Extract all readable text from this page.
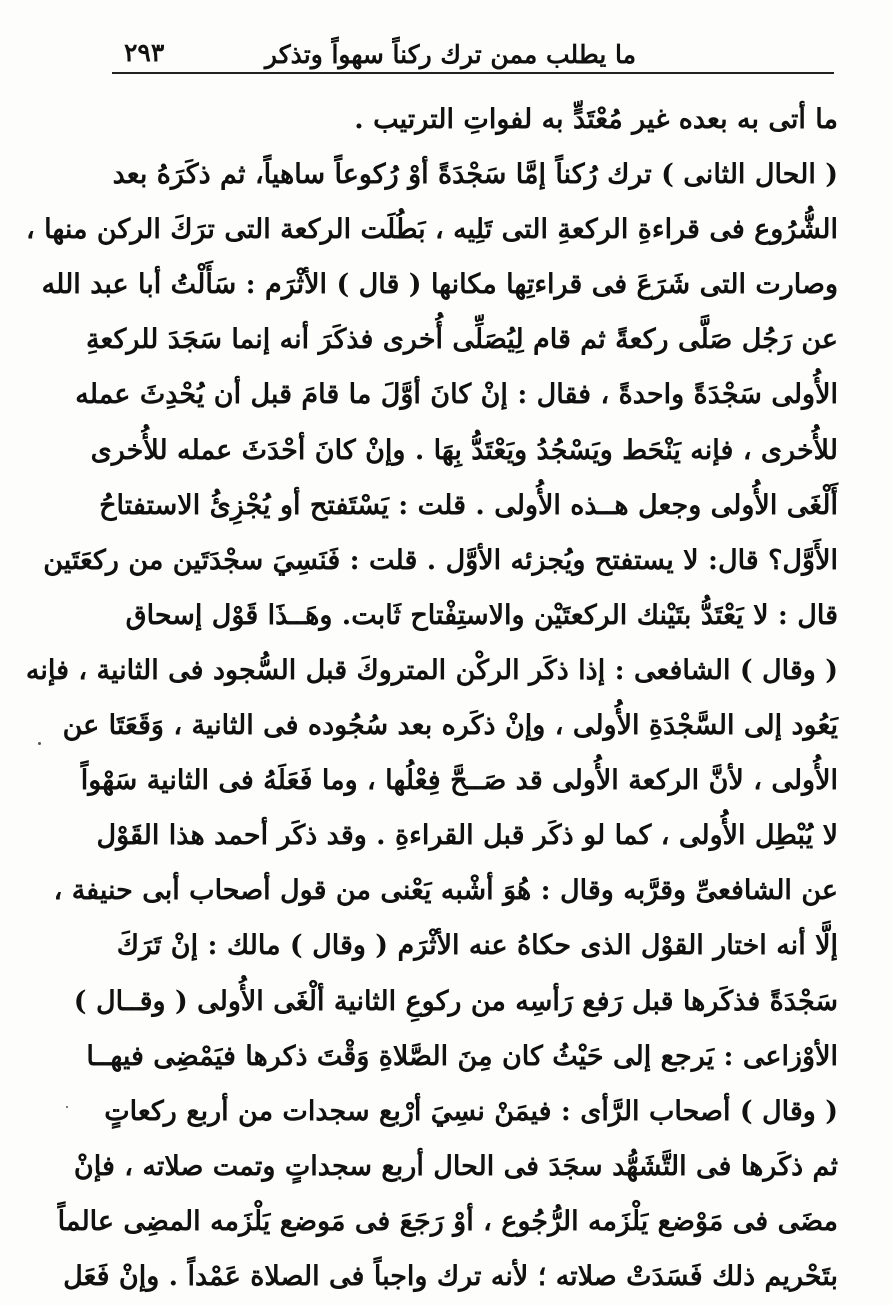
ما يطلب ممن ترك ركناً سهواً وتذكر
٢٩٣
ما أتى به بعده غير مُعْتَدٍّ به لفواتِ الترتيب .
( الحال الثانى ) ترك رُكناً إمَّا سَجْدَةً أوْ رُكوعاً ساهياً، ثم ذكَرَهُ بعد
الشُّرُوع فى قراءةِ الركعةِ التى تَلِيه ، بَطُلَت الركعة التى ترَكَ الركن منها ،
وصارت التى شَرَعَ فى قراءتِها مكانها ( قال ) الأثْرَم : سَأَلْتُ أبا عبد الله
عن رَجُل صَلَّى ركعةً ثم قام لِيُصَلِّى أُخرى فذكَرَ أنه إنما سَجَدَ للركعةِ
الأُولى سَجْدَةً واحدةً ، فقال : إنْ كانَ أوَّلَ ما قامَ قبل أن يُحْدِثَ عمله
للأُخرى ، فإنه يَنْحَط ويَسْجُدُ ويَعْتَدُّ بِهَا . وإنْ كانَ أحْدَثَ عمله للأُخرى
أَلْغَى الأُولى وجعل هــذه الأُولى . قلت : يَسْتَفتح أو يُجْزِئُ الاستفتاحُ
الأَوَّل؟ قال: لا يستفتح ويُجزئه الأوَّل . قلت : فَنَسِيَ سجْدَتَين من ركعَتَين
قال : لا يَعْتَدُّ بتَيْنك الركعتَيْن والاستِفْتاح ثَابت. وهَــذَا قَوْل إسحاق
( وقال ) الشافعى : إذا ذكَر الركْن المتروكَ قبل السُّجود فى الثانية ، فإنه
يَعُود إلى السَّجْدَةِ الأُولى ، وإنْ ذكَره بعد سُجُوده فى الثانية ، وَقَعَتَا عن
الأُولى ، لأنَّ الركعة الأُولى قد صَــحَّ فِعْلُها ، وما فَعَلَهُ فى الثانية سَهْواً
لا يُبْطِل الأُولى ، كما لو ذكَر قبل القراءةِ . وقد ذكَر أحمد هذا القَوْل
عن الشافعىِّ وقرَّبه وقال : هُوَ أشْبه يَعْنى من قول أصحاب أبى حنيفة ،
إلَّا أنه اختار القوْل الذى حكاهُ عنه الأثْرَم ( وقال ) مالك : إنْ تَرَكَ
سَجْدَةً فذكَرها قبل رَفع رَأسِه من ركوعِ الثانية ألْغَى الأُولى ( وقــال )
الأوْزاعى : يَرجع إلى حَيْثُ كان مِنَ الصَّلاةِ وَقْتَ ذكرها فيَمْضِى فيهــا
( وقال ) أصحاب الرَّأى : فيمَنْ نسِيَ أرْبع سجدات من أربع ركعاتٍ
ثم ذكَرها فى التَّشَهُّد سجَدَ فى الحال أربع سجداتٍ وتمت صلاته ، فإنْ
مضَى فى مَوْضع يَلْزَمه الرُّجُوع ، أوْ رَجَعَ فى مَوضع يَلْزَمه المضِى عالماً
بتَحْريم ذلك فَسَدَتْ صلاته ؛ لأنه ترك واجباً فى الصلاة عَمْداً . وإنْ فَعَل
